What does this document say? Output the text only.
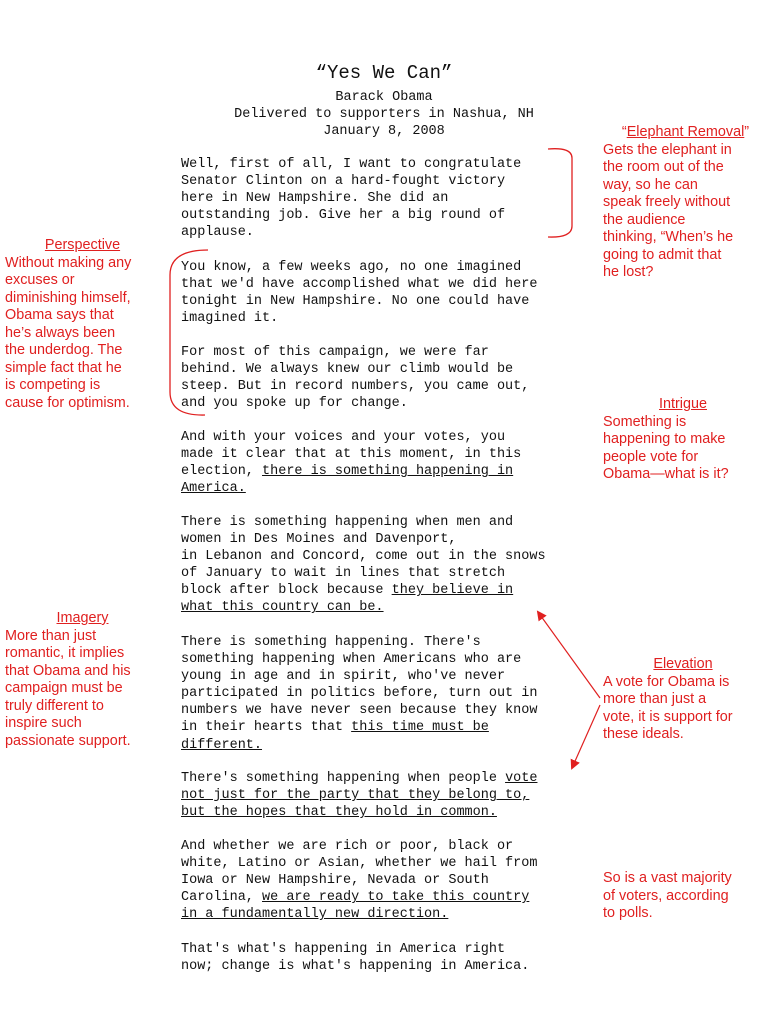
“Yes We Can”
Barack Obama
Delivered to supporters in Nashua, NH
January 8, 2008

Well, first of all, I want to congratulate
Senator Clinton on a hard-fought victory
here in New Hampshire. She did an
outstanding job. Give her a big round of
applause.

You know, a few weeks ago, no one imagined
that we'd have accomplished what we did here
tonight in New Hampshire. No one could have
imagined it.

For most of this campaign, we were far
behind. We always knew our climb would be
steep. But in record numbers, you came out,
and you spoke up for change.

And with your voices and your votes, you
made it clear that at this moment, in this
election, there is something happening in
America.

There is something happening when men and
women in Des Moines and Davenport,
in Lebanon and Concord, come out in the snows
of January to wait in lines that stretch
block after block because they believe in
what this country can be.

There is something happening. There's
something happening when Americans who are
young in age and in spirit, who've never
participated in politics before, turn out in
numbers we have never seen because they know
in their hearts that this time must be
different.

There's something happening when people vote
not just for the party that they belong to,
but the hopes that they hold in common.

And whether we are rich or poor, black or
white, Latino or Asian, whether we hail from
Iowa or New Hampshire, Nevada or South
Carolina, we are ready to take this country
in a fundamentally new direction.

That's what's happening in America right
now; change is what's happening in America.

“Elephant Removal”
Gets the elephant in
the room out of the
way, so he can
speak freely without
the audience
thinking, “When’s he
going to admit that
he lost?
Perspective
Without making any
excuses or
diminishing himself,
Obama says that
he’s always been
the underdog. The
simple fact that he
is competing is
cause for optimism.	Intrigue
Something is
happening to make
people vote for
Obama—what is it?
Imagery
More than just
romantic, it implies
that Obama and his
campaign must be
truly different to
inspire such
passionate support.
Elevation
A vote for Obama is
more than just a
vote, it is support for
these ideals.
So is a vast majority
of voters, according
to polls.
